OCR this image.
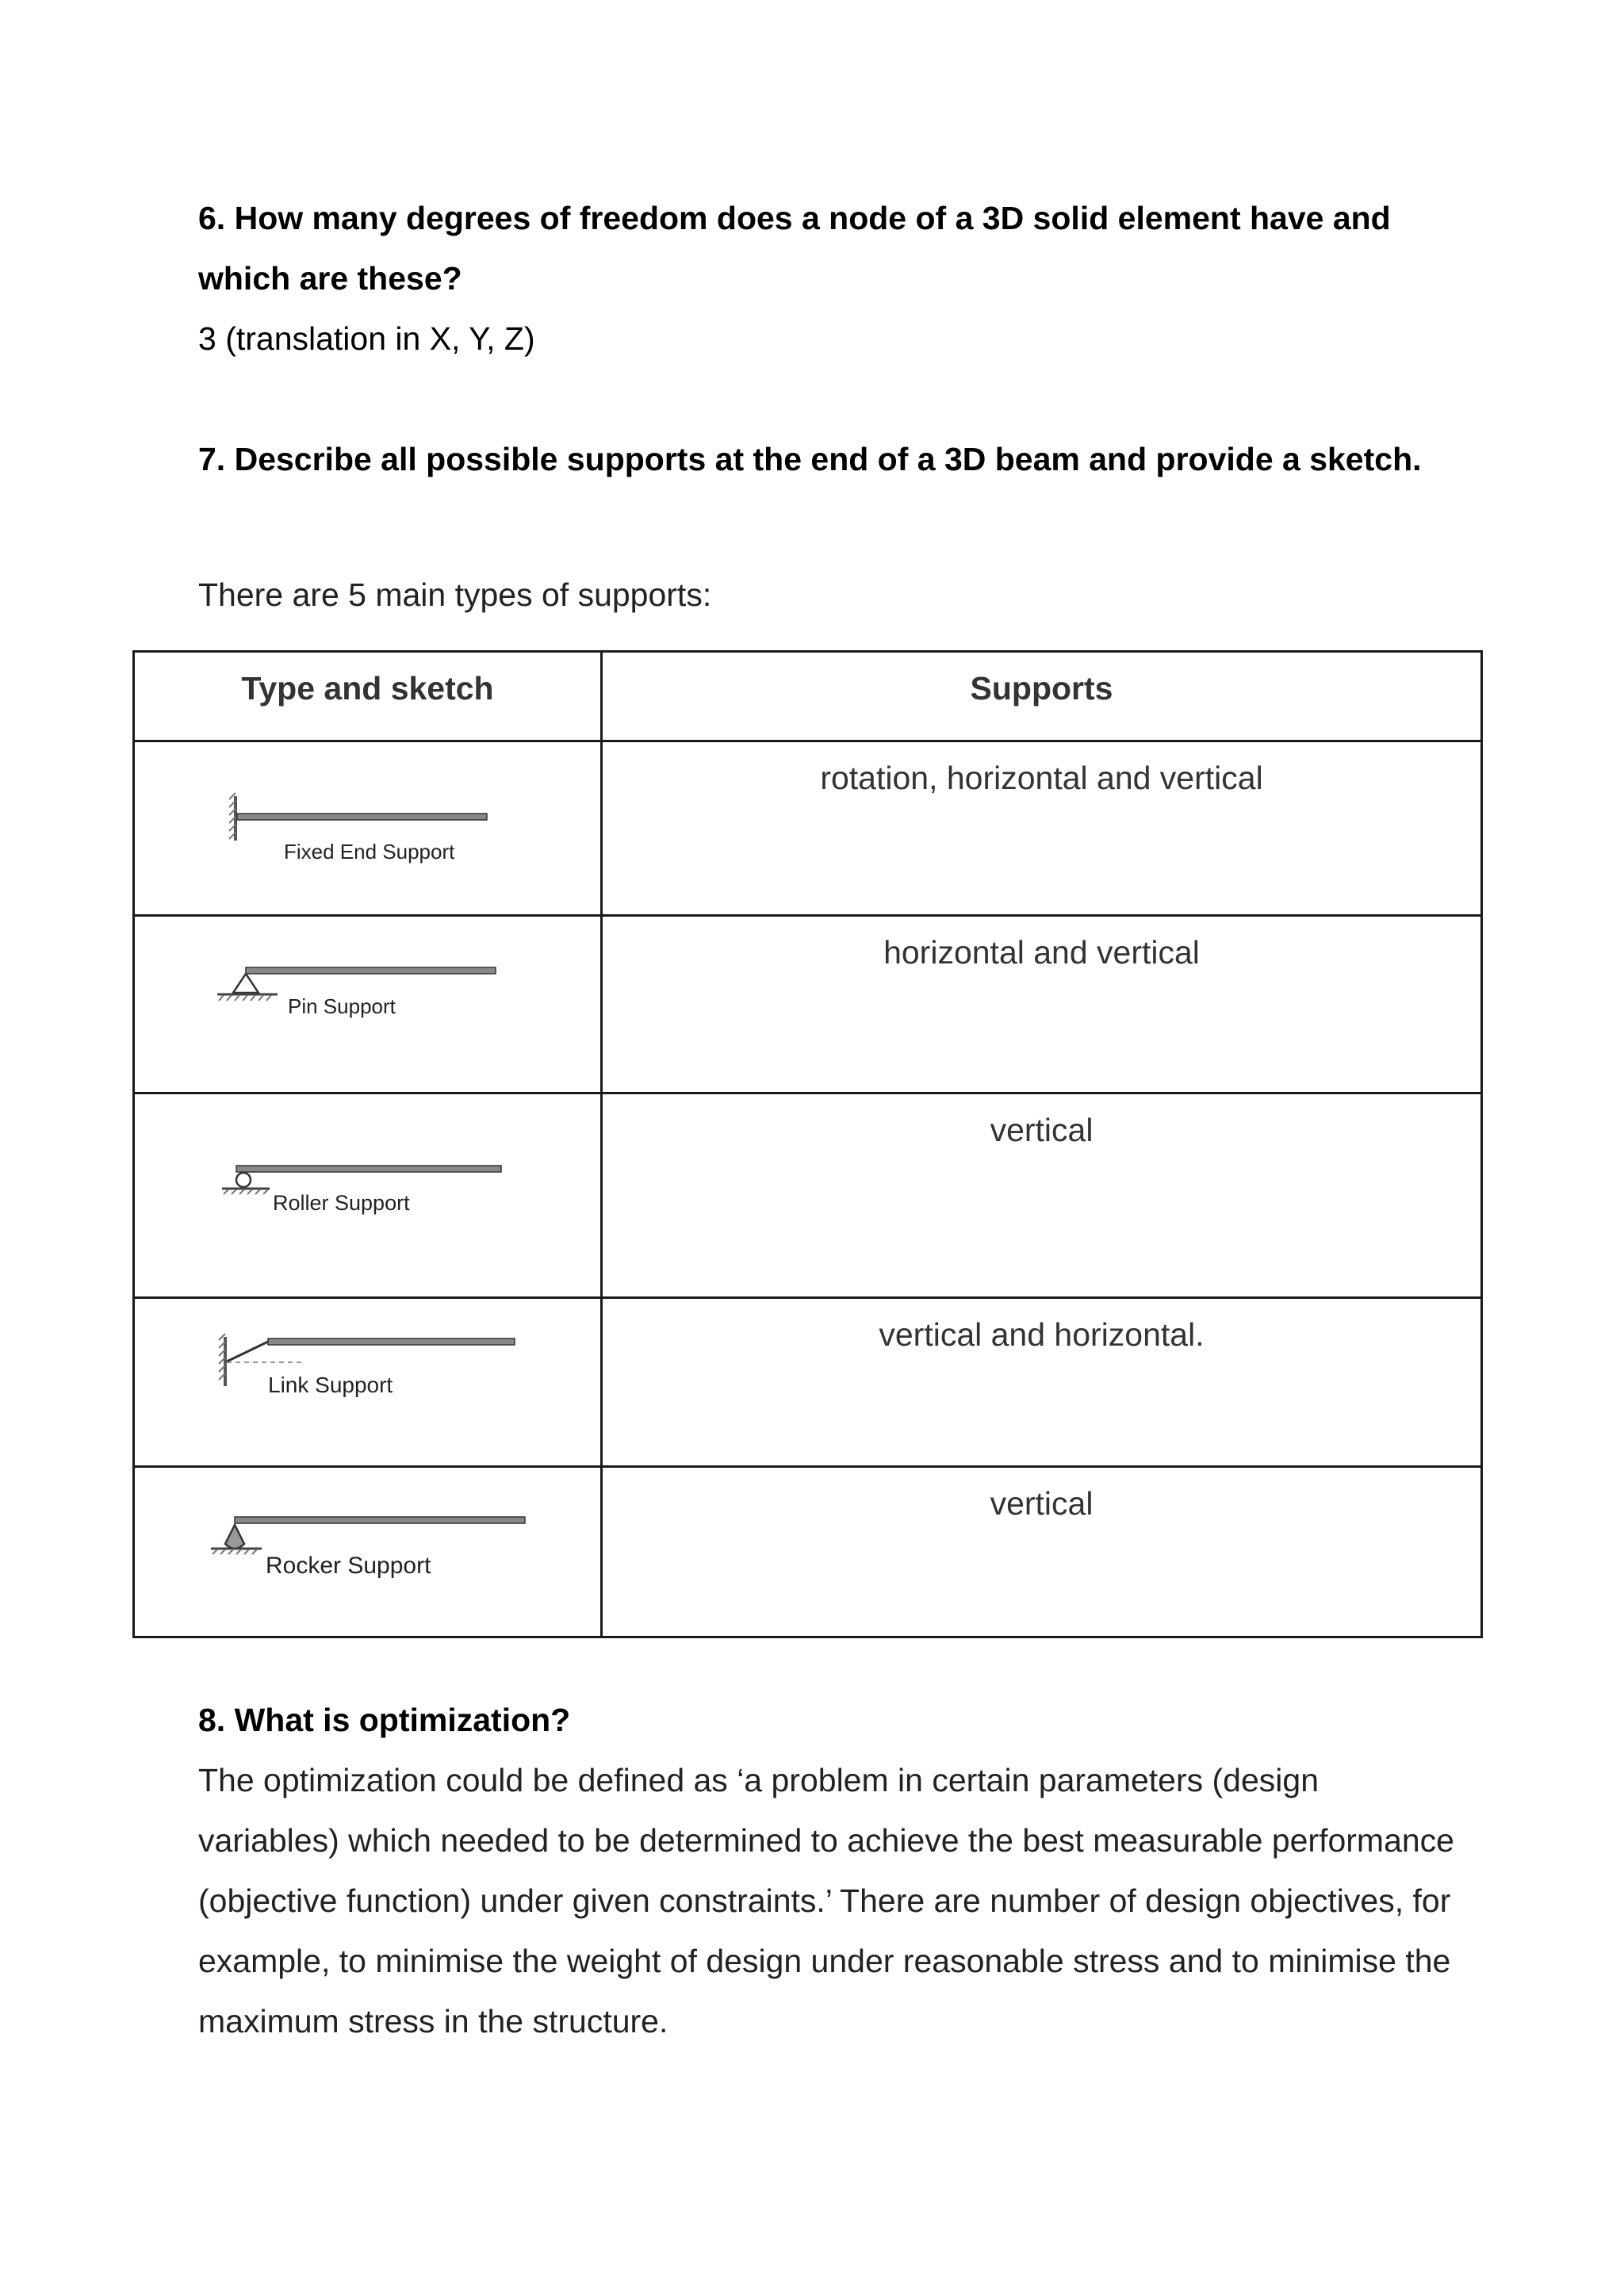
6. How many degrees of freedom does a node of a 3D solid element have and which are these?
3 (translation in X, Y, Z)
7. Describe all possible supports at the end of a 3D beam and provide a sketch.
There are 5 main types of supports:
Type and sketch	Supports

Fixed End Support	rotation, horizontal and vertical

Pin Support	horizontal and vertical

Roller Support	vertical

Link Support	vertical and horizontal.

Rocker Support	vertical
8. What is optimization?
The optimization could be defined as ‘a problem in certain parameters (design variables) which needed to be determined to achieve the best measurable performance (objective function) under given constraints.’ There are number of design objectives, for example, to minimise the weight of design under reasonable stress and to minimise the maximum stress in the structure.
